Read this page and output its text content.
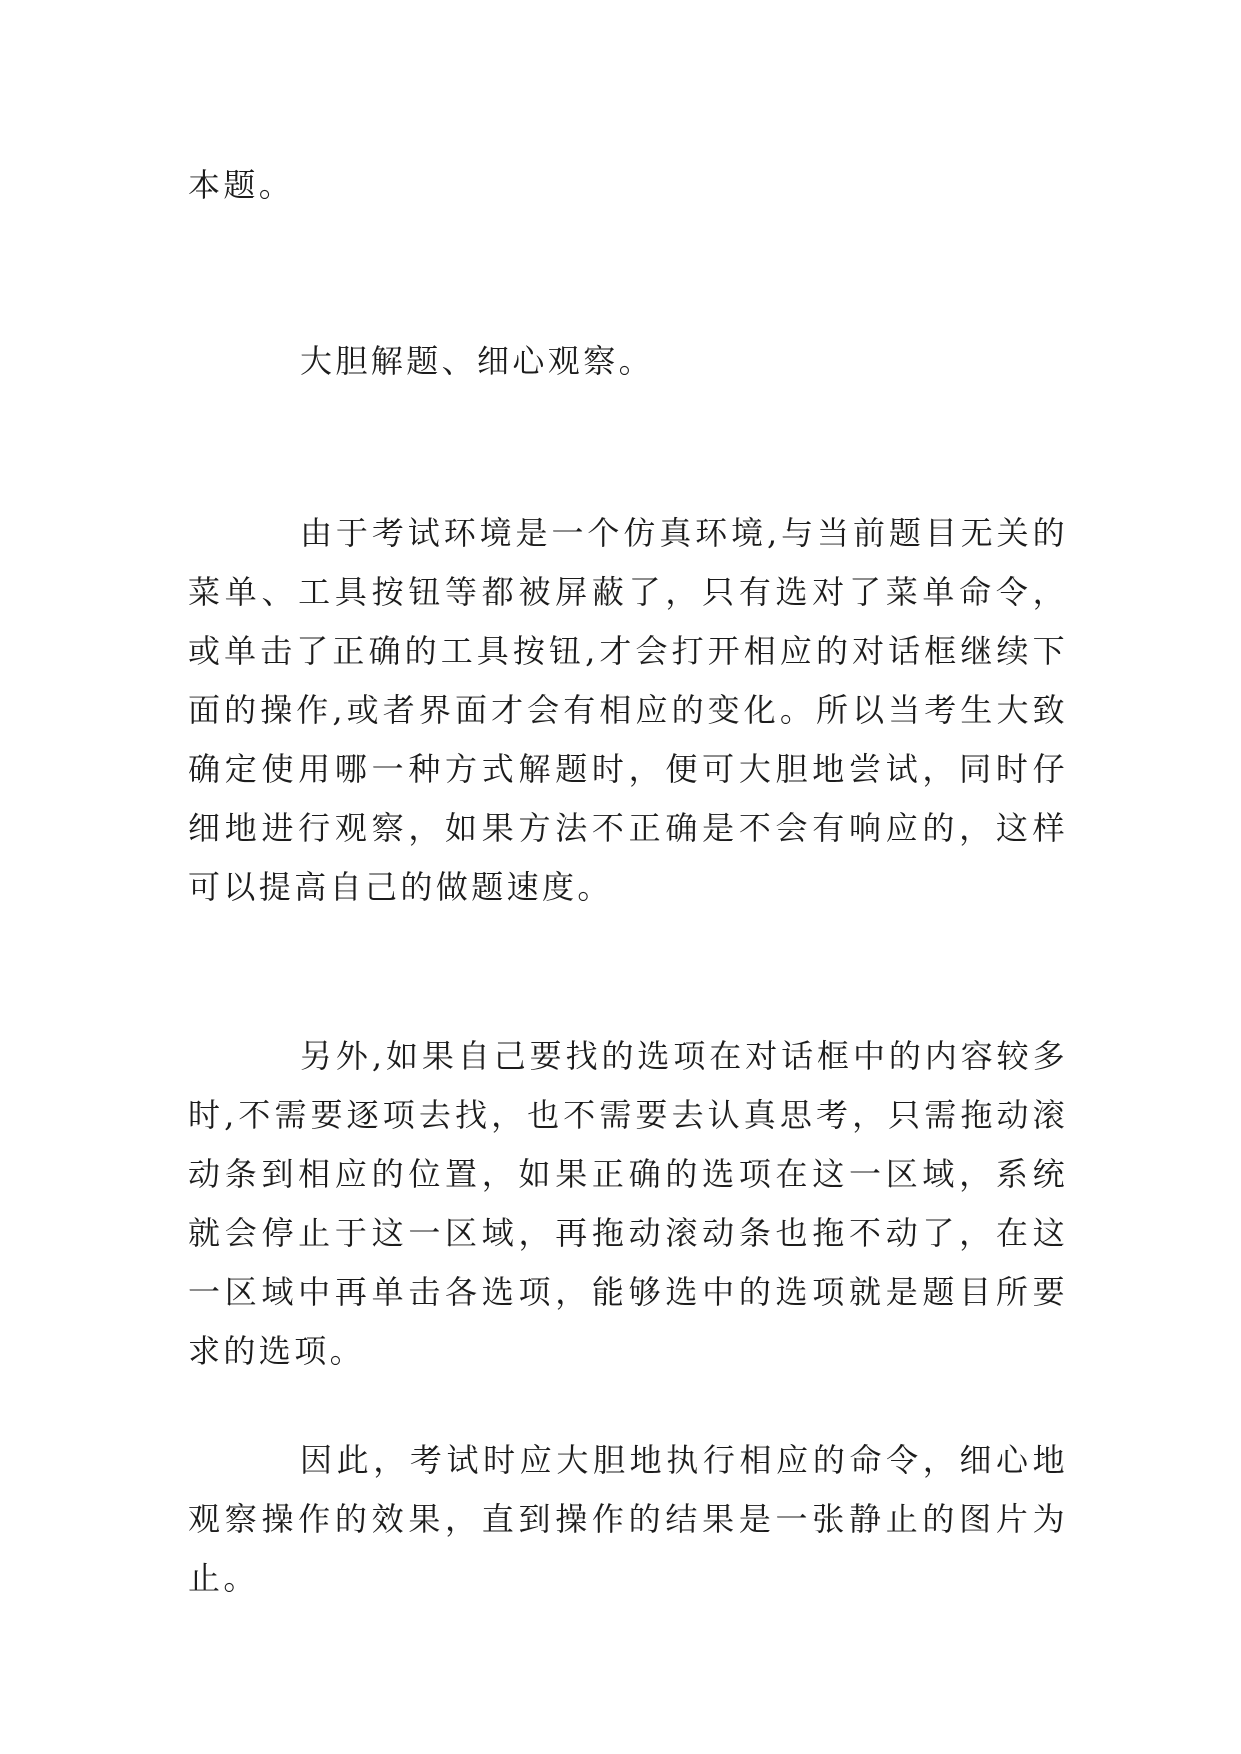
本题。

大胆解题、细心观察。

由于考试环境是一个仿真环境,与当前题目无关的菜单、工具按钮等都被屏蔽了，只有选对了菜单命令，或单击了正确的工具按钮,才会打开相应的对话框继续下面的操作,或者界面才会有相应的变化。所以当考生大致确定使用哪一种方式解题时，便可大胆地尝试，同时仔细地进行观察，如果方法不正确是不会有响应的，这样可以提高自己的做题速度。

另外,如果自己要找的选项在对话框中的内容较多时,不需要逐项去找，也不需要去认真思考，只需拖动滚动条到相应的位置，如果正确的选项在这一区域，系统就会停止于这一区域，再拖动滚动条也拖不动了，在这一区域中再单击各选项，能够选中的选项就是题目所要求的选项。

因此，考试时应大胆地执行相应的命令，细心地观察操作的效果，直到操作的结果是一张静止的图片为止。
